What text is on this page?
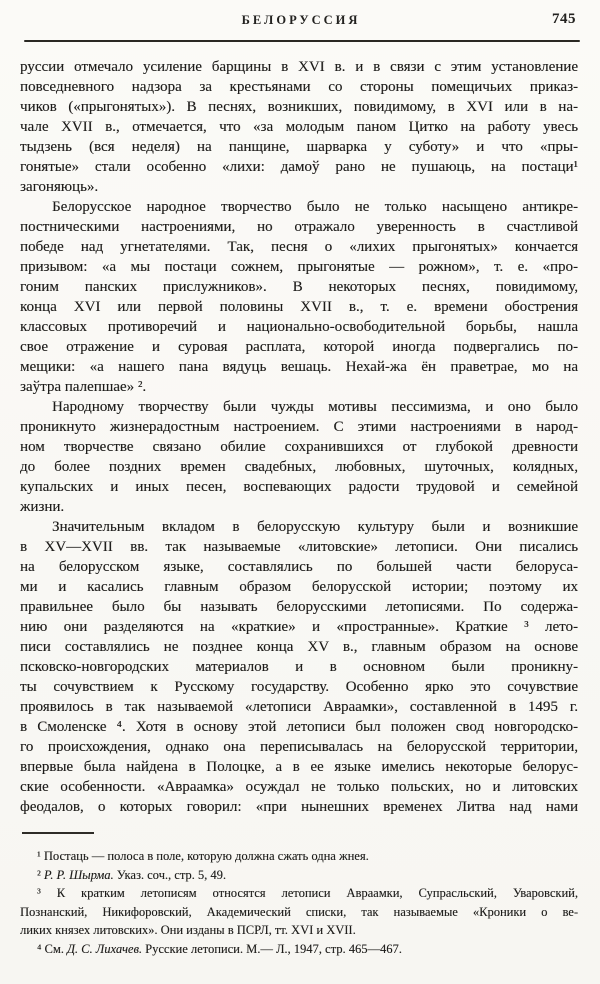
БЕЛОРУССИЯ	745
руссии отмечало усиление барщины в XVI в. и в связи с этим установление
повседневного надзора за крестьянами со стороны помещичьих приказ-
чиков («прыгонятых»). В песнях, возникших, повидимому, в XVI или в на-
чале XVII в., отмечается, что «за молодым паном Цитко на работу увесь
тыдзень (вся неделя) на панщине, шарварка у суботу» и что «пры-
гонятые» стали особенно «лихи: дамоў рано не пушаюць, на постаци¹
загоняюць».
Белорусское народное творчество было не только насыщено антикре-
постническими настроениями, но отражало уверенность в счастливой
победе над угнетателями. Так, песня о «лихих прыгонятых» кончается
призывом: «а мы постаци сожнем, прыгонятые — рожном», т. е. «про-
гоним панских прислужников». В некоторых песнях, повидимому,
конца XVI или первой половины XVII в., т. е. времени обострения
классовых противоречий и национально-освободительной борьбы, нашла
свое отражение и суровая расплата, которой иногда подвергались по-
мещики: «а нашего пана вядуць вешаць. Нехай-жа ён праветрае, мо на
заўтра палепшае» ².
Народному творчеству были чужды мотивы пессимизма, и оно было
проникнуто жизнерадостным настроением. С этими настроениями в народ-
ном творчестве связано обилие сохранившихся от глубокой древности
до более поздних времен свадебных, любовных, шуточных, колядных,
купальских и иных песен, воспевающих радости трудовой и семейной
жизни.
Значительным вкладом в белорусскую культуру были и возникшие
в XV—XVII вв. так называемые «литовские» летописи. Они писались
на белорусском языке, составлялись по большей части белоруса-
ми и касались главным образом белорусской истории; поэтому их
правильнее было бы называть белорусскими летописями. По содержа-
нию они разделяются на «краткие» и «пространные». Краткие ³ лето-
писи составлялись не позднее конца XV в., главным образом на основе
псковско-новгородских материалов и в основном были проникну-
ты сочувствием к Русскому государству. Особенно ярко это сочувствие
проявилось в так называемой «летописи Авраамки», составленной в 1495 г.
в Смоленске ⁴. Хотя в основу этой летописи был положен свод новгородско-
го происхождения, однако она переписывалась на белорусской территории,
впервые была найдена в Полоцке, а в ее языке имелись некоторые белорус-
ские особенности. «Авраамка» осуждал не только польских, но и литовских
феодалов, о которых говорил: «при нынешних временех Литва над нами
¹ Постаць — полоса в поле, которую должна сжать одна жнея.
² Р. Р. Шырма. Указ. соч., стр. 5, 49.
³ К кратким летописям относятся летописи Авраамки, Супрасльский, Уваровский,
Познанский, Никифоровский, Академический списки, так называемые «Кроники о ве-
ликих князех литовских». Они изданы в ПСРЛ, тт. XVI и XVII.
⁴ См. Д. С. Лихачев. Русские летописи. М.— Л., 1947, стр. 465—467.
